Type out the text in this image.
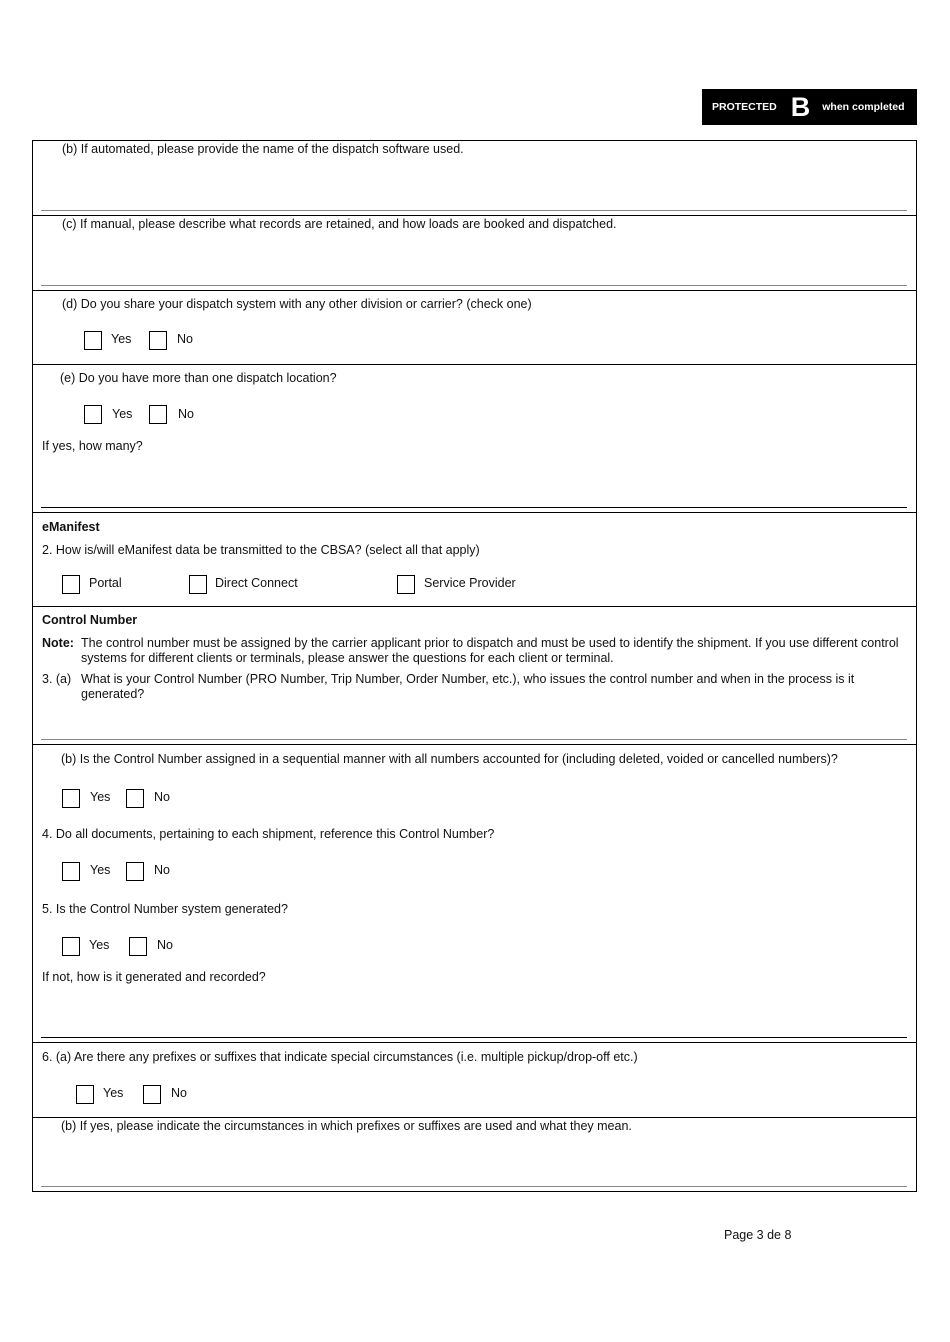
PROTECTED B when completed
(b) If automated, please provide the name of the dispatch software used.
(c) If manual, please describe what records are retained, and how loads are booked and dispatched.
(d) Do you share your dispatch system with any other division or carrier? (check one)
Yes	No
(e) Do you have more than one dispatch location?
Yes	No
If yes, how many?
eManifest
2. How is/will eManifest data be transmitted to the CBSA? (select all that apply)
Portal	Direct Connect	Service Provider
Control Number
Note: The control number must be assigned by the carrier applicant prior to dispatch and must be used to identify the shipment. If you use different control systems for different clients or terminals, please answer the questions for each client or terminal.
3. (a) What is your Control Number (PRO Number, Trip Number, Order Number, etc.), who issues the control number and when in the process is it generated?
(b) Is the Control Number assigned in a sequential manner with all numbers accounted for (including deleted, voided or cancelled numbers)?
Yes	No
4. Do all documents, pertaining to each shipment, reference this Control Number?
Yes	No
5. Is the Control Number system generated?
Yes	No
If not, how is it generated and recorded?
6. (a) Are there any prefixes or suffixes that indicate special circumstances (i.e. multiple pickup/drop-off etc.)
Yes	No
(b) If yes, please indicate the circumstances in which prefixes or suffixes are used and what they mean.
Page 3 de 8
